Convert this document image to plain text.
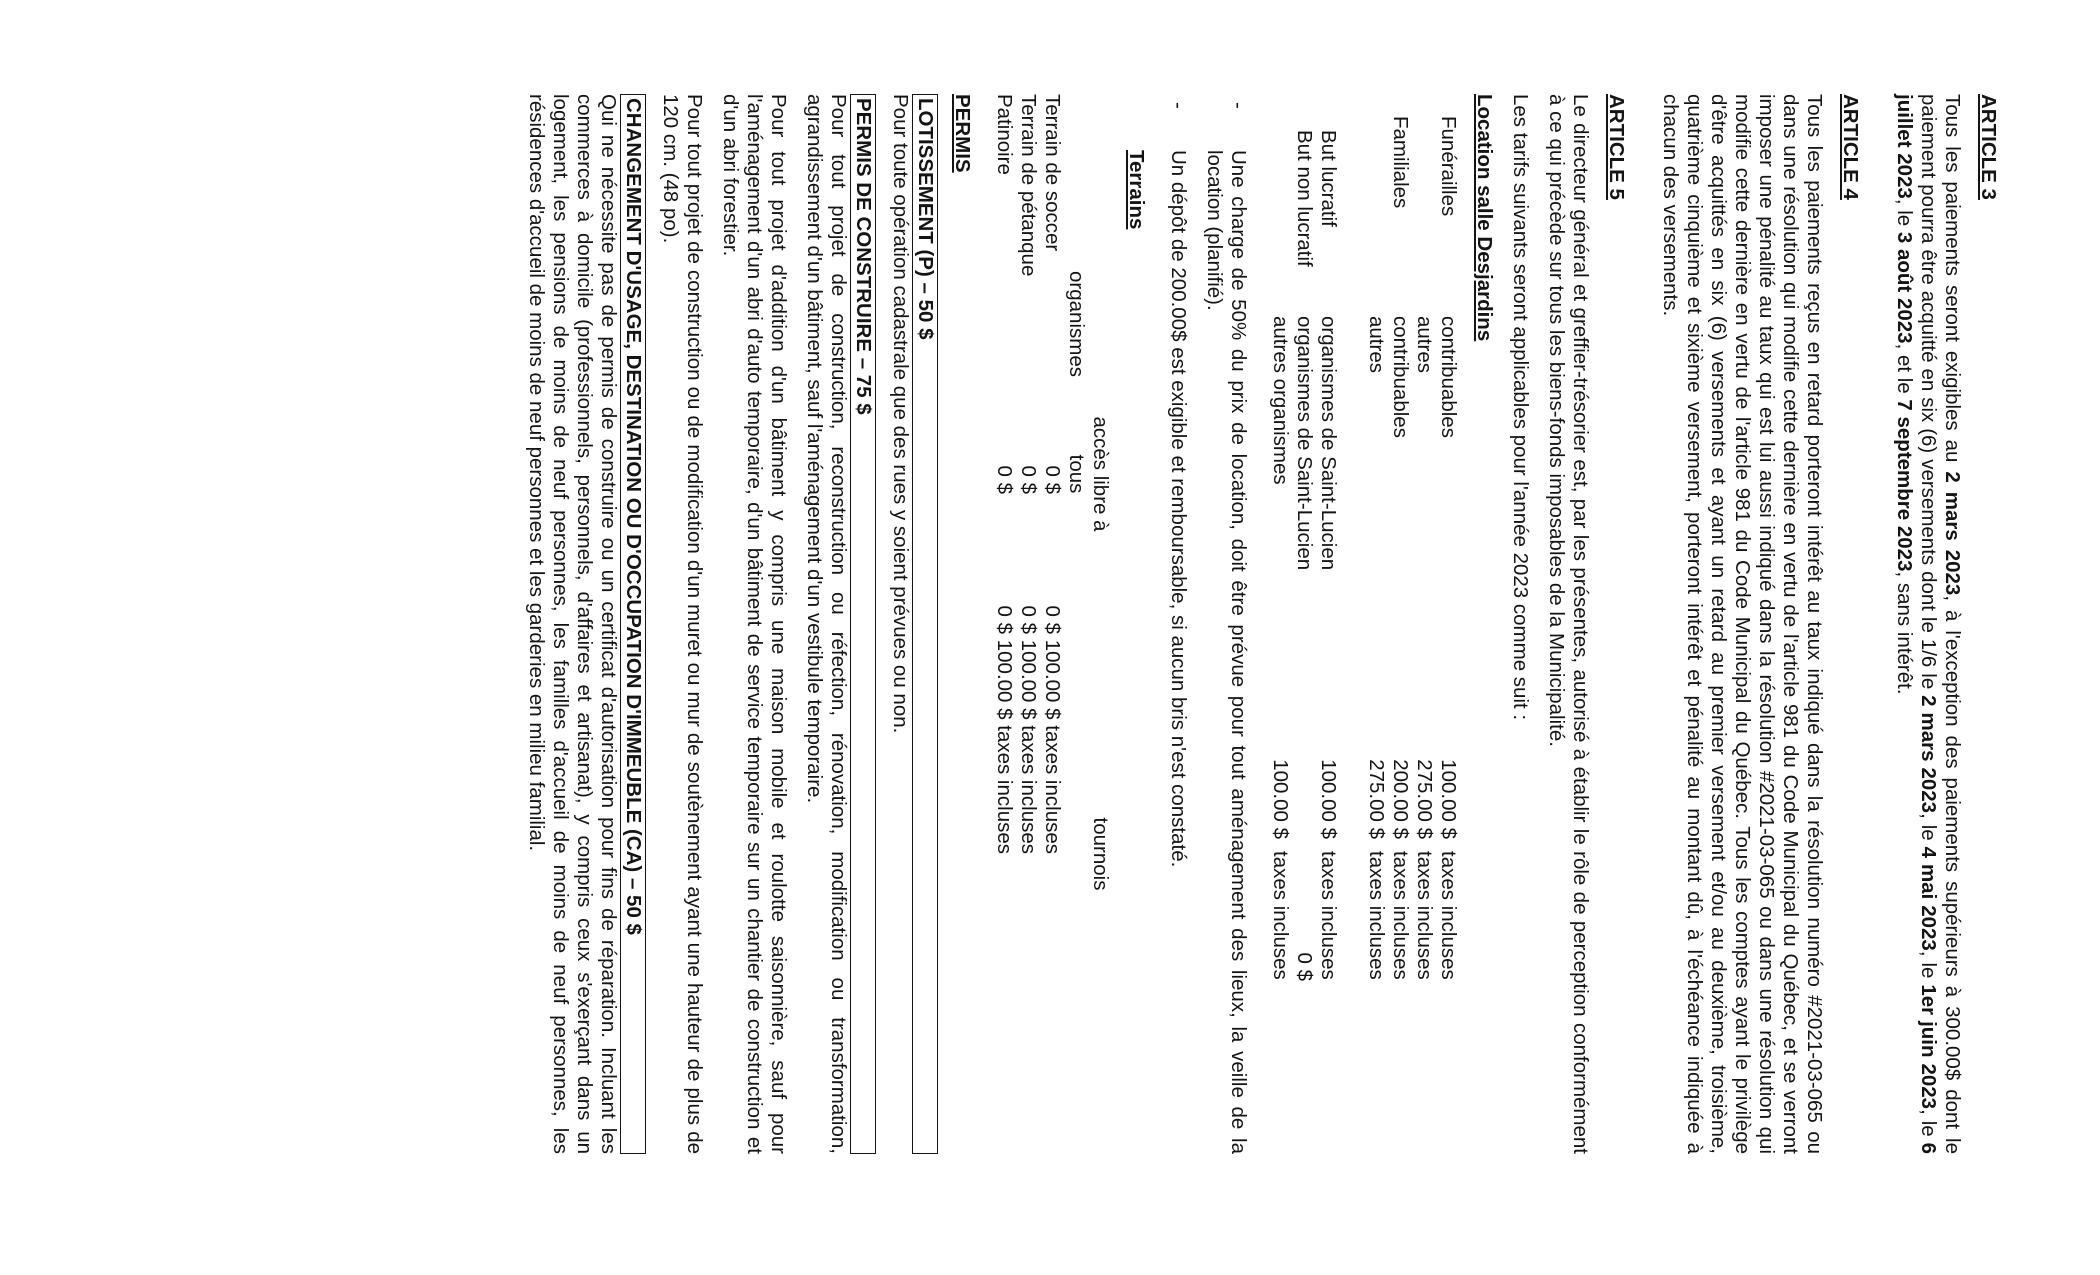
ARTICLE 3

Tous les paiements seront exigibles au 2 mars 2023, à l'exception des paiements supérieurs à 300.00$ dont le paiement pourra être acquitté en six (6) versements dont le 1/6 le 2 mars 2023, le 4 mai 2023, le 1er juin 2023, le 6 juillet 2023, le 3 août 2023, et le 7 septembre 2023, sans intérêt.

ARTICLE 4

Tous les paiements reçus en retard porteront intérêt au taux indiqué dans la résolution numéro #2021-03-065 ou dans une résolution qui modifie cette dernière en vertu de l'article 981 du Code Municipal du Québec, et se verront imposer une pénalité au taux qui est lui aussi indiqué dans la résolution #2021-03-065 ou dans une résolution qui modifie cette dernière en vertu de l'article 981 du Code Municipal du Québec. Tous les comptes ayant le privilège d'être acquittés en six (6) versements et ayant un retard au premier versement et/ou au deuxième, troisième, quatrième cinquième et sixième versement, porteront intérêt et pénalité au montant dû, à l'échéance indiquée à chacun des versements.

ARTICLE 5

Le directeur général et greffier-trésorier est, par les présentes, autorisé à établir le rôle de perception conformément à ce qui précède sur tous les biens-fonds imposables de la Municipalité.

Les tarifs suivants seront applicables pour l'année 2023 comme suit :

Location salle Desjardins
Funérailles
contribuables
100.00 $
taxes incluses
autres
275.00 $
taxes incluses
Familiales
contribuables
200.00 $
taxes incluses
autres
275.00 $
taxes incluses
But lucratif
organismes de Saint-Lucien
100.00 $
taxes incluses
But non lucratif
organismes de Saint-Lucien
0 $
autres organismes
100.00 $
taxes incluses
-
Une charge de 50% du prix de location, doit être prévue pour tout aménagement des lieux, la veille de la location (planifié).
-
Un dépôt de 200.00$ est exigible et remboursable, si aucun bris n'est constaté.
Terrains
accès libre à
tous
tournois
organismes
Terrain de soccer
0 $
0 $
100.00 $ taxes incluses
Terrain de pétanque
0 $
0 $
100.00 $ taxes incluses
Patinoire
0 $
0 $
100.00 $ taxes incluses
PERMIS
LOTISSEMENT (P) – 50 $

Pour toute opération cadastrale que des rues y soient prévues ou non.

PERMIS DE CONSTRUIRE – 75 $

Pour tout projet de construction, reconstruction ou réfection, rénovation, modification ou transformation, agrandissement d'un bâtiment, sauf l'aménagement d'un vestibule temporaire.

Pour tout projet d'addition d'un bâtiment y compris une maison mobile et roulotte saisonnière, sauf pour l'aménagement d'un abri d'auto temporaire, d'un bâtiment de service temporaire sur un chantier de construction et d'un abri forestier.

Pour tout projet de construction ou de modification d'un muret ou mur de soutènement ayant une hauteur de plus de 120 cm. (48 po).

CHANGEMENT D'USAGE, DESTINATION OU D'OCCUPATION D'IMMEUBLE (CA) – 50 $

Qui ne nécessite pas de permis de construire ou un certificat d'autorisation pour fins de réparation. Incluant les commerces à domicile (professionnels, personnels, d'affaires et artisanat), y compris ceux s'exerçant dans un logement, les pensions de moins de neuf personnes, les familles d'accueil de moins de neuf personnes, les résidences d'accueil de moins de neuf personnes et les garderies en milieu familial.
